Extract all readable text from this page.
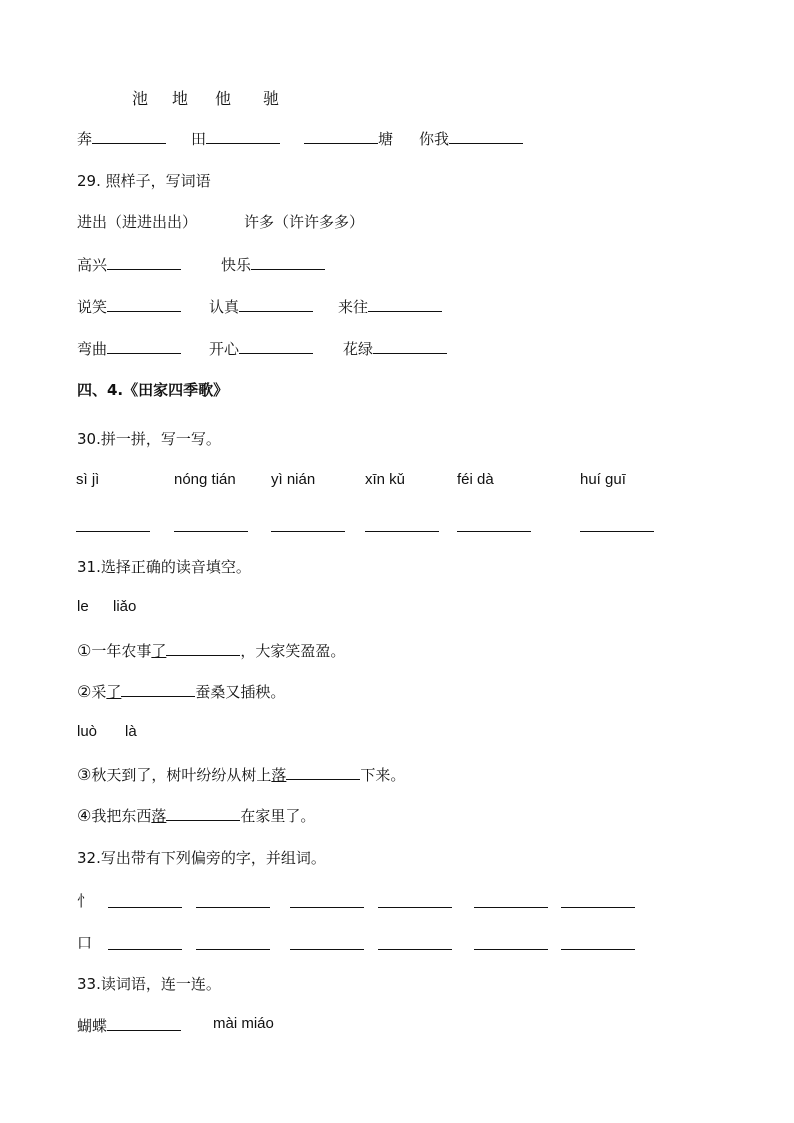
池 地 他 驰
奔	田	塘 你我
29. 照样子，写词语
进出（进进出出）	许多（许许多多）
高兴	快乐
说笑	认真	来往
弯曲	开心	花绿
四、4.《田家四季歌》
30.拼一拼，写一写。
sì jì	nóng tián yì nián	xīn kǔ	féi dà	huí guī
31.选择正确的读音填空。
le liǎo
①一年农事了	，大家笑盈盈。
②采了	蚕桑又插秧。
luò là
③秋天到了，树叶纷纷从树上落	下来。
④我把东西落	在家里了。
32.写出带有下列偏旁的字，并组词。
忄
口
33.读词语，连一连。
蝴蝶	mài miáo
